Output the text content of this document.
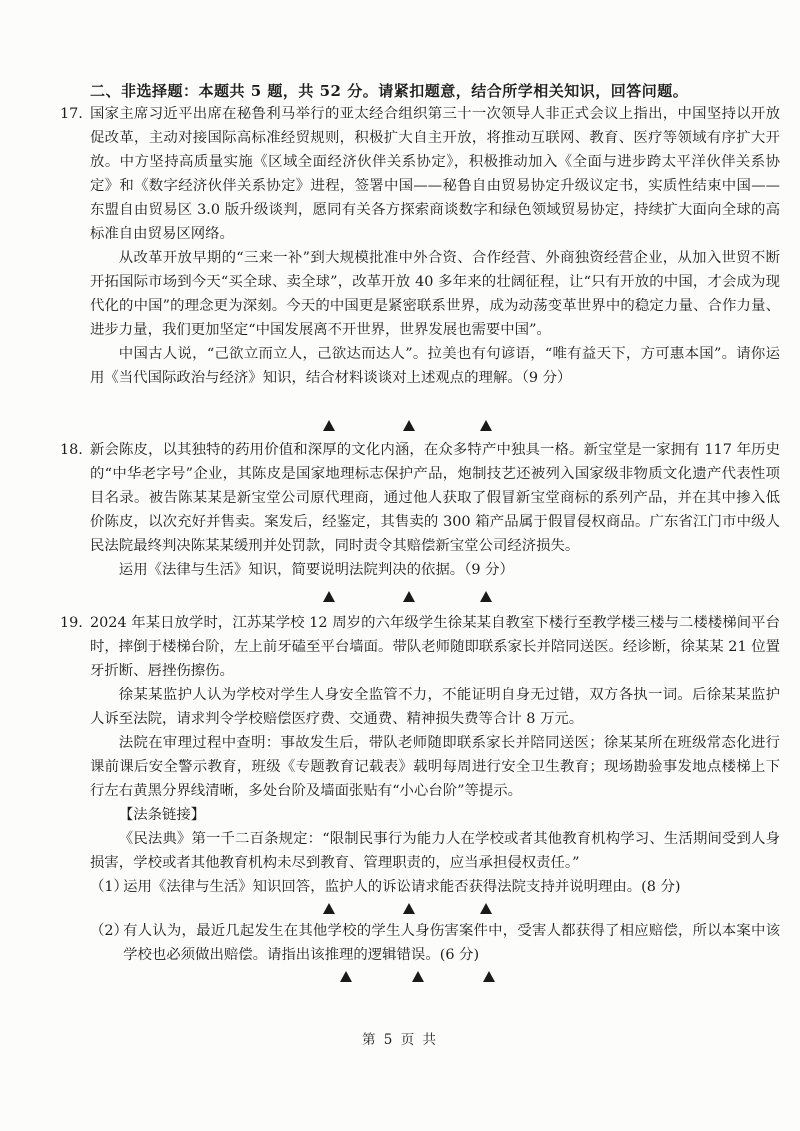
二、非选择题：本题共 5 题，共 52 分。请紧扣题意，结合所学相关知识，回答问题。
17. 国家主席习近平出席在秘鲁利马举行的亚太经合组织第三十一次领导人非正式会议上指出，中国坚持以开放促改革，主动对接国际高标准经贸规则，积极扩大自主开放，将推动互联网、教育、医疗等领域有序扩大开放。中方坚持高质量实施《区域全面经济伙伴关系协定》，积极推动加入《全面与进步跨太平洋伙伴关系协定》和《数字经济伙伴关系协定》进程，签署中国——秘鲁自由贸易协定升级议定书，实质性结束中国——东盟自由贸易区 3.0 版升级谈判，愿同有关各方探索商谈数字和绿色领域贸易协定，持续扩大面向全球的高标准自由贸易区网络。

从改革开放早期的“三来一补”到大规模批准中外合资、合作经营、外商独资经营企业，从加入世贸不断开拓国际市场到今天“买全球、卖全球”，改革开放 40 多年来的壮阔征程，让“只有开放的中国，才会成为现代化的中国”的理念更为深刻。今天的中国更是紧密联系世界，成为动荡变革世界中的稳定力量、合作力量、进步力量，我们更加坚定“中国发展离不开世界，世界发展也需要中国”。

中国古人说，“己欲立而立人，己欲达而达人”。拉美也有句谚语，“唯有益天下，方可惠本国”。请你运用《当代国际政治与经济》知识，结合材料谈谈对上述观点的理解。（9 分）

18. 新会陈皮，以其独特的药用价值和深厚的文化内涵，在众多特产中独具一格。新宝堂是一家拥有 117 年历史的“中华老字号”企业，其陈皮是国家地理标志保护产品，炮制技艺还被列入国家级非物质文化遗产代表性项目名录。被告陈某某是新宝堂公司原代理商，通过他人获取了假冒新宝堂商标的系列产品，并在其中掺入低价陈皮，以次充好并售卖。案发后，经鉴定，其售卖的 300 箱产品属于假冒侵权商品。广东省江门市中级人民法院最终判决陈某某缓刑并处罚款，同时责令其赔偿新宝堂公司经济损失。

运用《法律与生活》知识，简要说明法院判决的依据。（9 分）

19. 2024 年某日放学时，江苏某学校 12 周岁的六年级学生徐某某自教室下楼行至教学楼三楼与二楼楼梯间平台时，摔倒于楼梯台阶，左上前牙磕至平台墙面。带队老师随即联系家长并陪同送医。经诊断，徐某某 21 位置牙折断、唇挫伤擦伤。

徐某某监护人认为学校对学生人身安全监管不力，不能证明自身无过错，双方各执一词。后徐某某监护人诉至法院，请求判令学校赔偿医疗费、交通费、精神损失费等合计 8 万元。

法院在审理过程中查明：事故发生后，带队老师随即联系家长并陪同送医；徐某某所在班级常态化进行课前课后安全警示教育，班级《专题教育记载表》载明每周进行安全卫生教育；现场勘验事发地点楼梯上下行左右黄黑分界线清晰，多处台阶及墙面张贴有“小心台阶”等提示。

【法条链接】

《民法典》第一千二百条规定：“限制民事行为能力人在学校或者其他教育机构学习、生活期间受到人身损害，学校或者其他教育机构未尽到教育、管理职责的，应当承担侵权责任。”

（1）
运用《法律与生活》知识回答，监护人的诉讼请求能否获得法院支持并说明理由。(8 分)
（2）
有人认为，最近几起发生在其他学校的学生人身伤害案件中，受害人都获得了相应赔偿，所以本案中该学校也必须做出赔偿。请指出该推理的逻辑错误。(6 分)
第 5 页 共
